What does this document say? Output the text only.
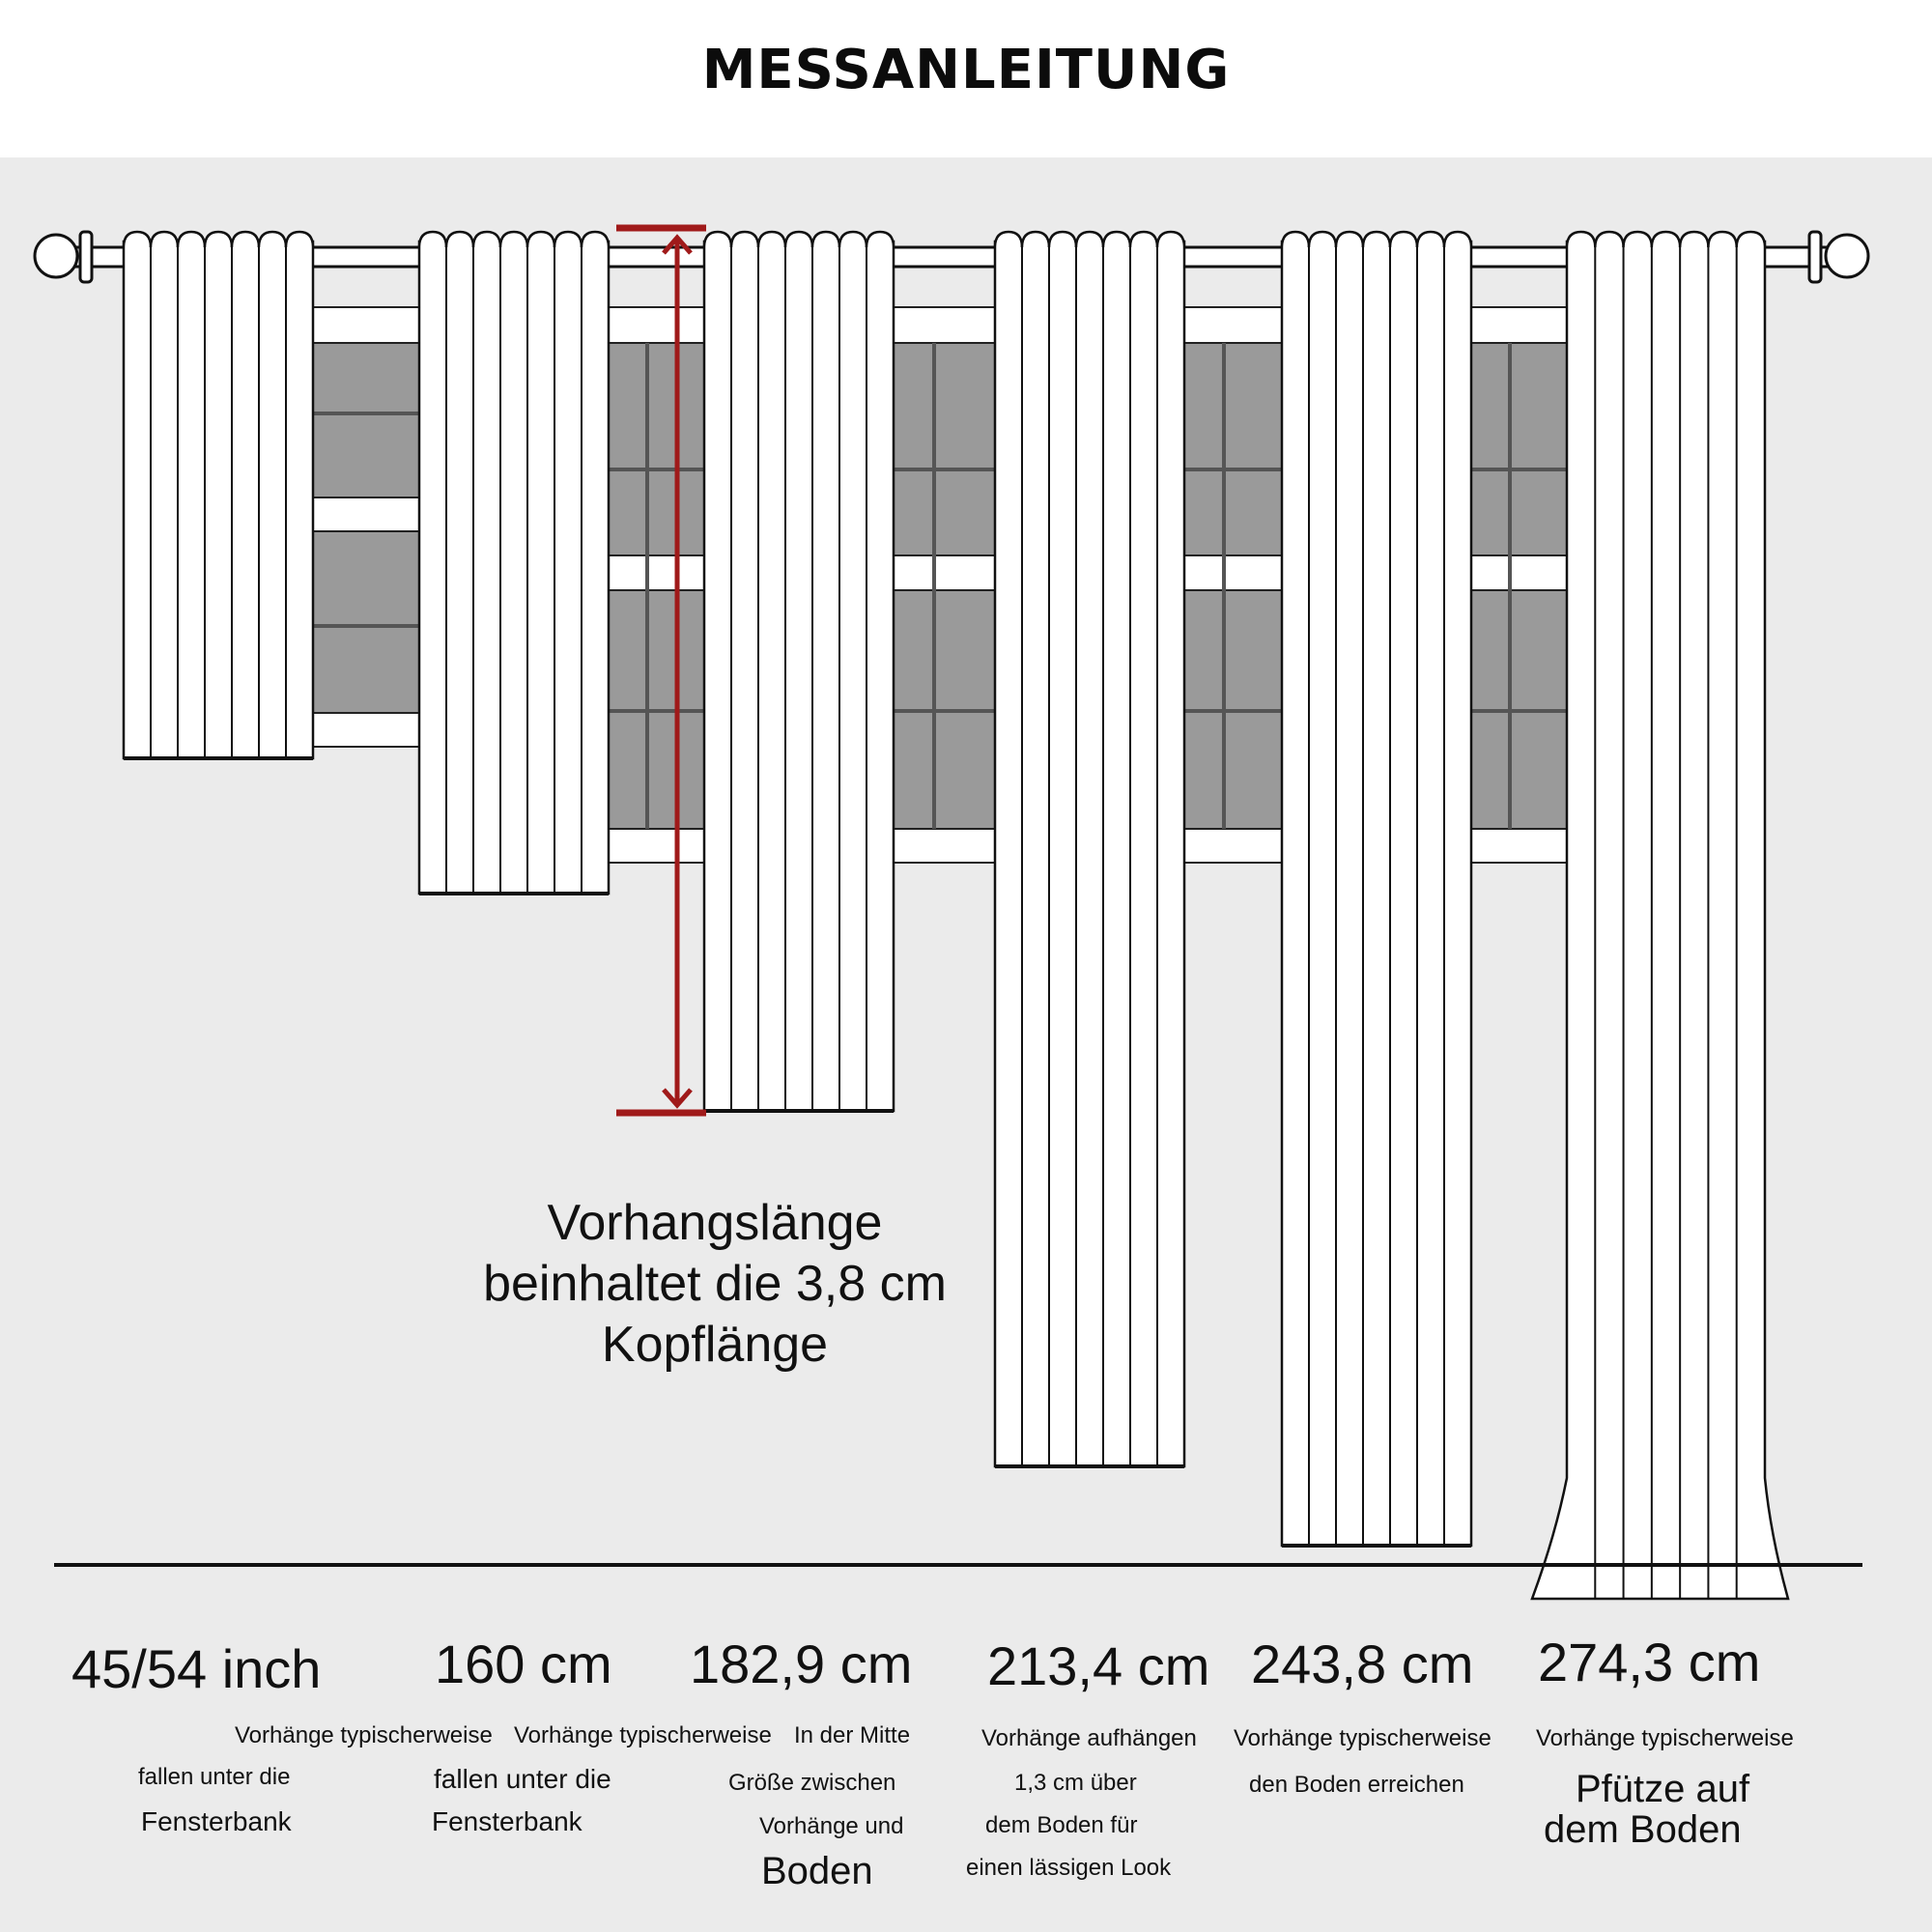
MESSANLEITUNG
Vorhangslänge
beinhaltet die 3,8 cm
Kopflänge
45/54 inch 160 cm 182,9 cm 213,4 cm 243,8 cm 274,3 cm
Vorhänge typischerweise
fallen unter die
Fensterbank
Vorhänge typischerweise
fallen unter die
Fensterbank
In der Mitte
Größe zwischen
Vorhänge und
Boden
Vorhänge aufhängen
1,3 cm über
dem Boden für
einen lässigen Look
Vorhänge typischerweise
den Boden erreichen
Vorhänge typischerweise
Pfütze auf
dem Boden
